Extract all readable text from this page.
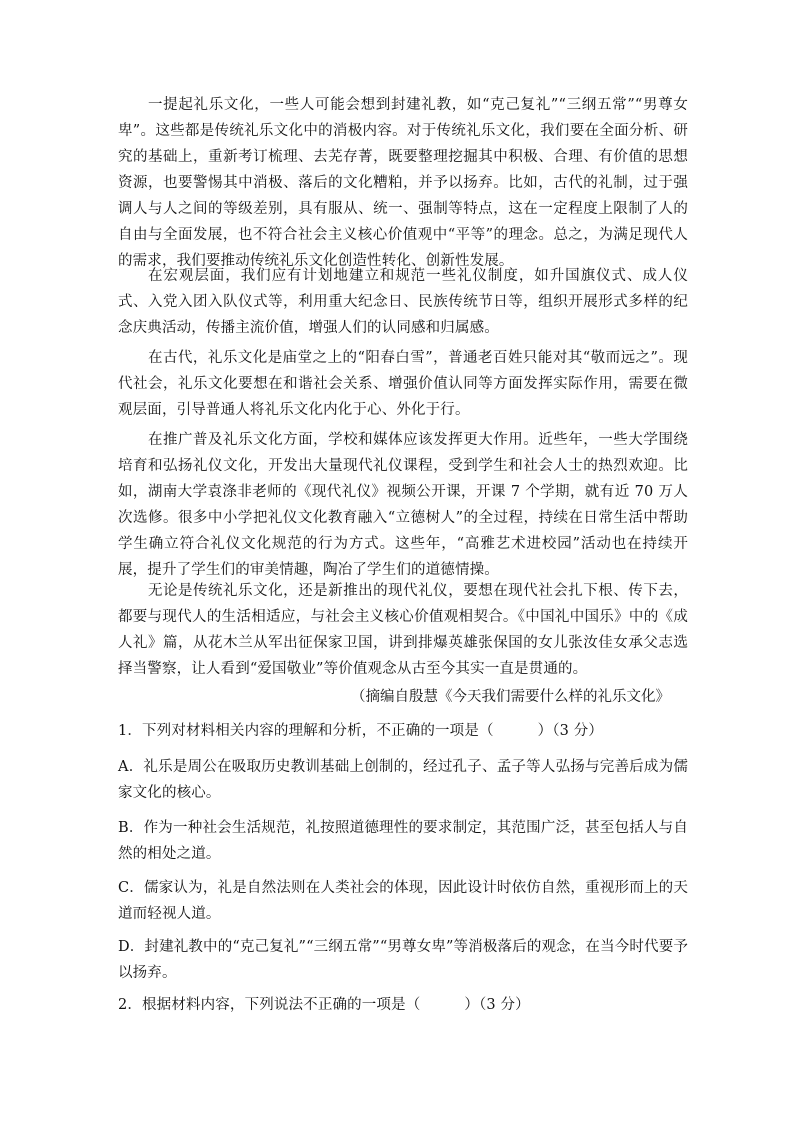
一提起礼乐文化，一些人可能会想到封建礼教，如“克己复礼”“三纲五常”“男尊女卑”。这些都是传统礼乐文化中的消极内容。对于传统礼乐文化，我们要在全面分析、研究的基础上，重新考订梳理、去芜存菁，既要整理挖掘其中积极、合理、有价值的思想资源，也要警惕其中消极、落后的文化糟粕，并予以扬弃。比如，古代的礼制，过于强调人与人之间的等级差别，具有服从、统一、强制等特点，这在一定程度上限制了人的自由与全面发展，也不符合社会主义核心价值观中“平等”的理念。总之，为满足现代人的需求，我们要推动传统礼乐文化创造性转化、创新性发展。
在宏观层面，我们应有计划地建立和规范一些礼仪制度，如升国旗仪式、成人仪式、入党入团入队仪式等，利用重大纪念日、民族传统节日等，组织开展形式多样的纪念庆典活动，传播主流价值，增强人们的认同感和归属感。
在古代，礼乐文化是庙堂之上的“阳春白雪”，普通老百姓只能对其“敬而远之”。现代社会，礼乐文化要想在和谐社会关系、增强价值认同等方面发挥实际作用，需要在微观层面，引导普通人将礼乐文化内化于心、外化于行。
在推广普及礼乐文化方面，学校和媒体应该发挥更大作用。近些年，一些大学围绕培育和弘扬礼仪文化，开发出大量现代礼仪课程，受到学生和社会人士的热烈欢迎。比如，湖南大学袁涤非老师的《现代礼仪》视频公开课，开课 7 个学期，就有近 70 万人次选修。很多中小学把礼仪文化教育融入“立德树人”的全过程，持续在日常生活中帮助学生确立符合礼仪文化规范的行为方式。这些年，“高雅艺术进校园”活动也在持续开展，提升了学生们的审美情趣，陶冶了学生们的道德情操。
无论是传统礼乐文化，还是新推出的现代礼仪，要想在现代社会扎下根、传下去，都要与现代人的生活相适应，与社会主义核心价值观相契合。《中国礼中国乐》中的《成人礼》篇，从花木兰从军出征保家卫国，讲到排爆英雄张保国的女儿张汝佳女承父志选择当警察，让人看到“爱国敬业”等价值观念从古至今其实一直是贯通的。
（摘编自殷慧《今天我们需要什么样的礼乐文化》
1．下列对材料相关内容的理解和分析，不正确的一项是（　　　）（3 分）
A．礼乐是周公在吸取历史教训基础上创制的，经过孔子、孟子等人弘扬与完善后成为儒家文化的核心。
B．作为一种社会生活规范，礼按照道德理性的要求制定，其范围广泛，甚至包括人与自然的相处之道。
C．儒家认为，礼是自然法则在人类社会的体现，因此设计时依仿自然，重视形而上的天道而轻视人道。
D．封建礼教中的“克己复礼”“三纲五常”“男尊女卑”等消极落后的观念，在当今时代要予以扬弃。
2．根据材料内容，下列说法不正确的一项是（　　　）（3 分）
